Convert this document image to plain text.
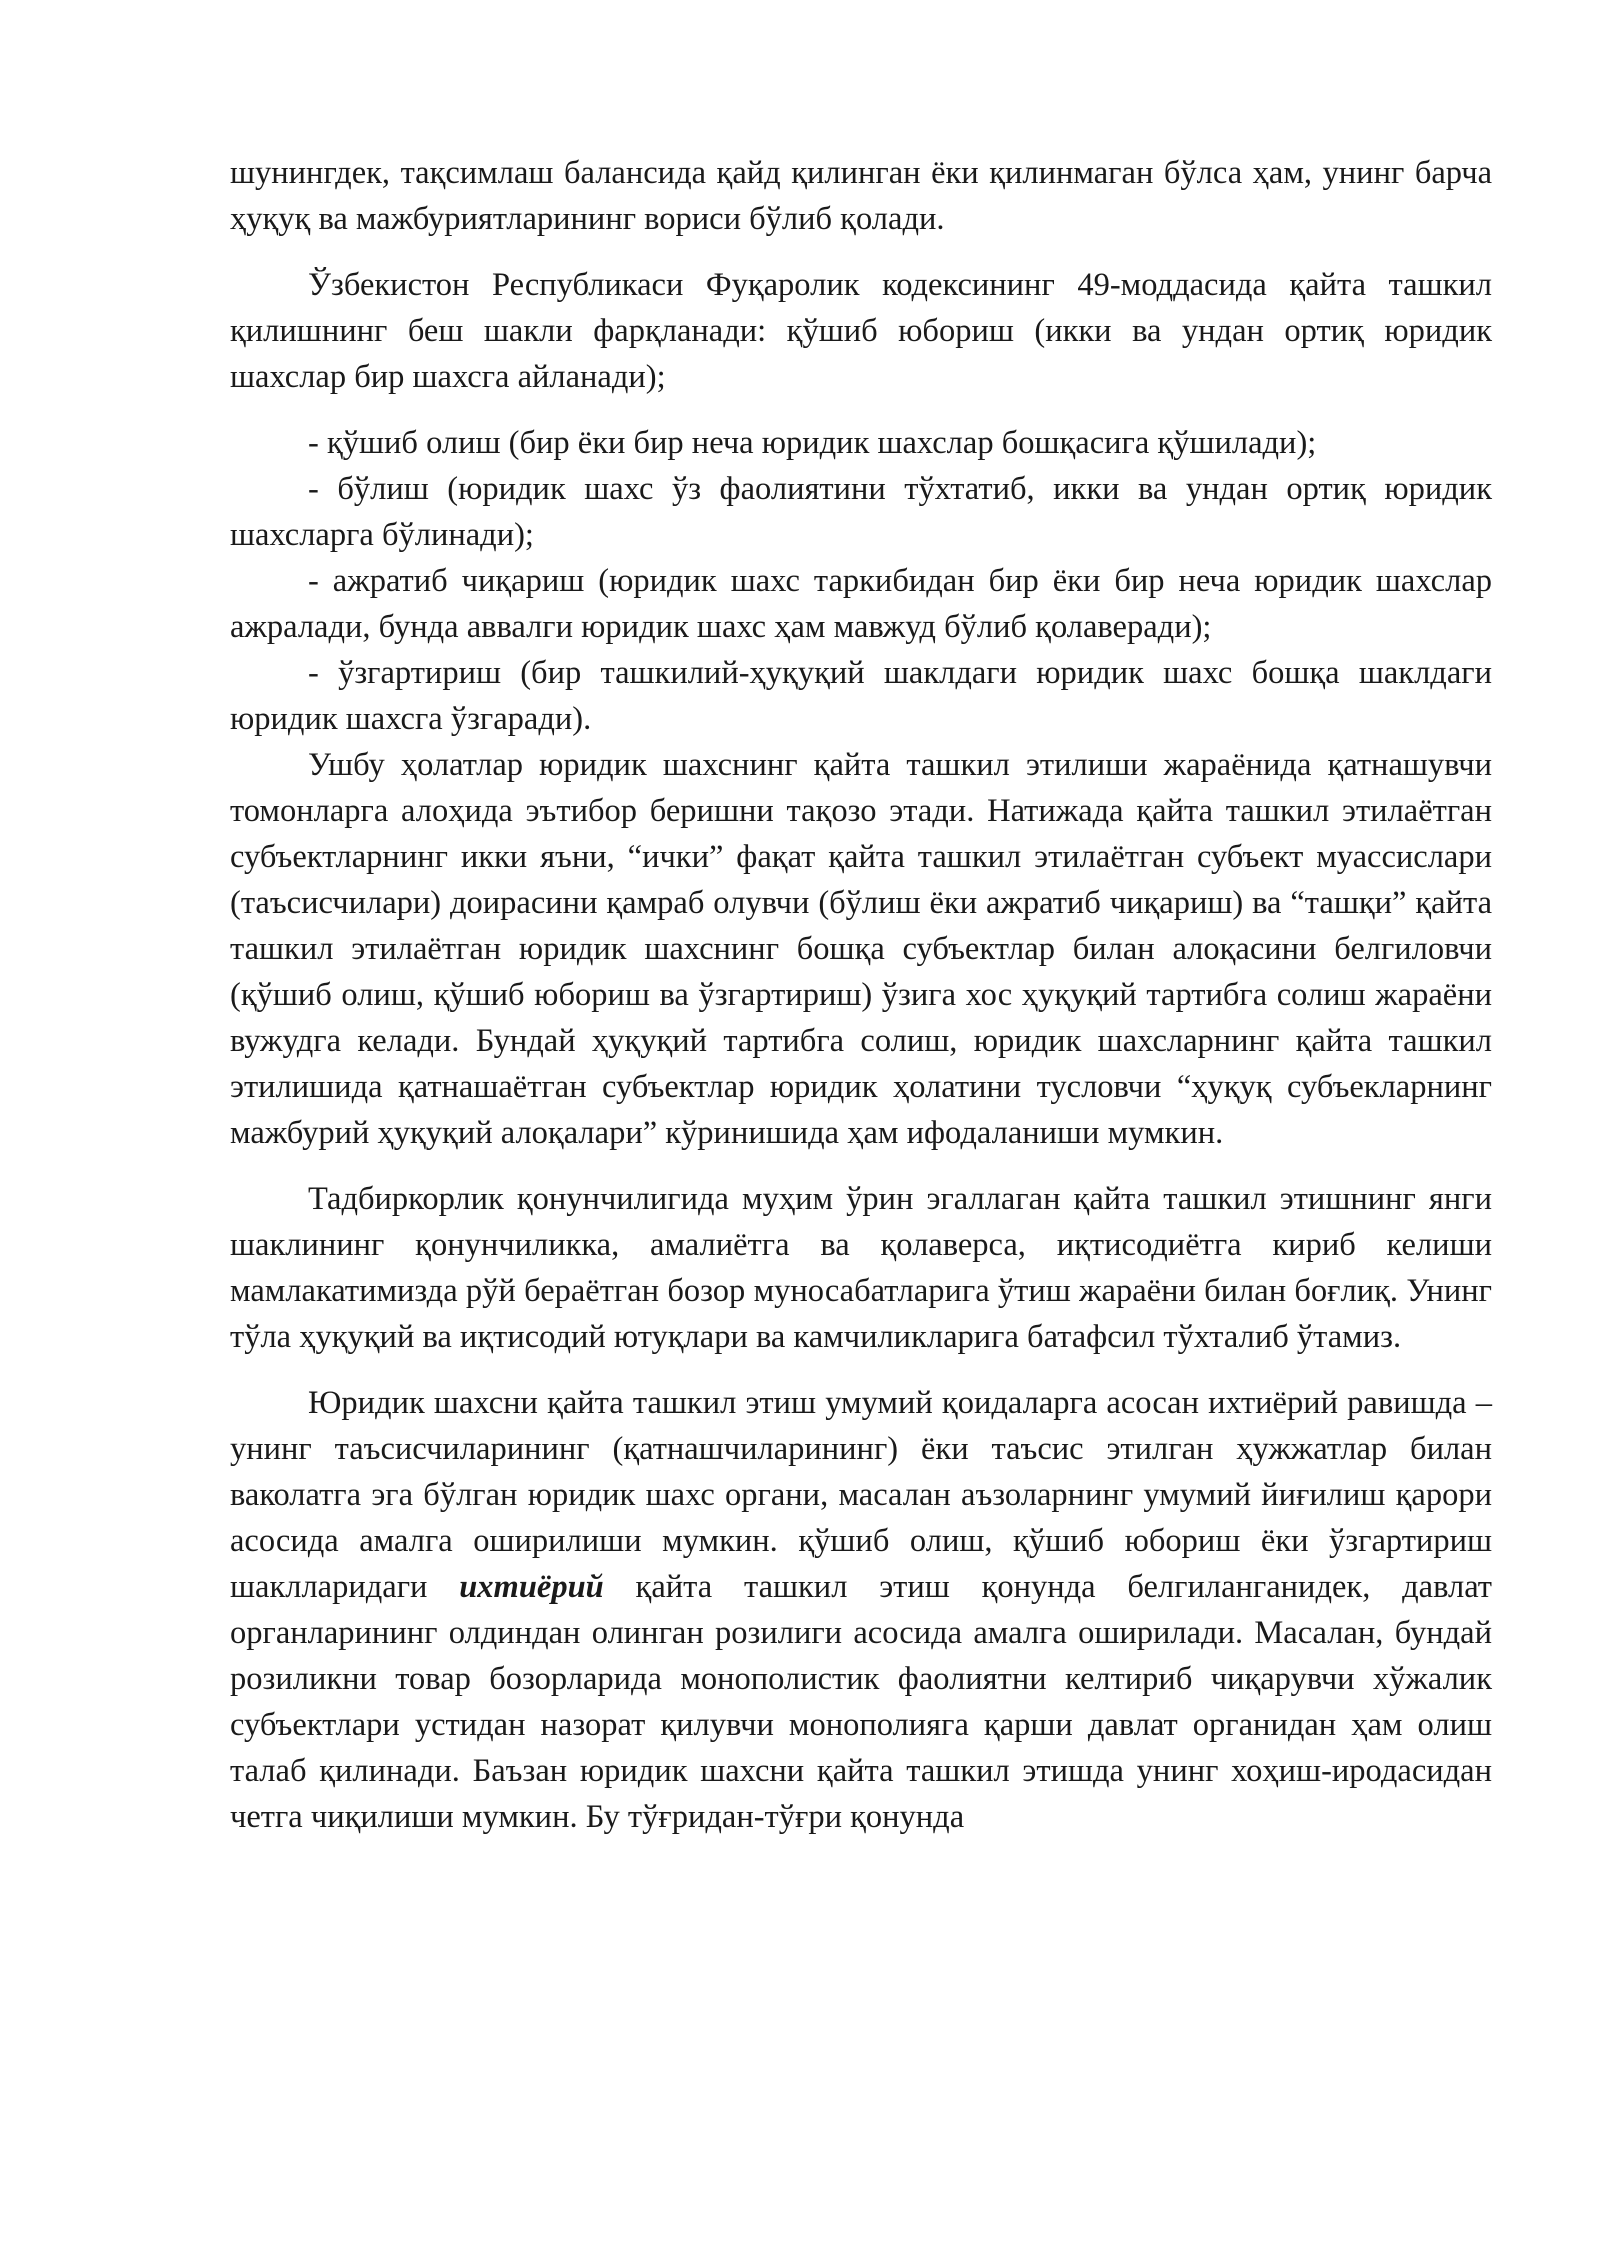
шунингдек, тақсимлаш балансида қайд қилинган ёки қилинмаган бўлса ҳам, унинг барча ҳуқуқ ва мажбуриятларининг вориси бўлиб қолади.

Ўзбекистон Республикаси Фуқаролик кодексининг 49-моддасида қайта ташкил қилишнинг беш шакли фарқланади: қўшиб юбориш (икки ва ундан ортиқ юридик шахслар бир шахсга айланади);

- қўшиб олиш (бир ёки бир неча юридик шахслар бошқасига қўшилади);

- бўлиш (юридик шахс ўз фаолиятини тўхтатиб, икки ва ундан ортиқ юридик шахсларга бўлинади);

- ажратиб чиқариш (юридик шахс таркибидан бир ёки бир неча юридик шахслар ажралади, бунда аввалги юридик шахс ҳам мавжуд бўлиб қолаверади);

- ўзгартириш (бир ташкилий-ҳуқуқий шаклдаги юридик шахс бошқа шаклдаги юридик шахсга ўзгаради).

Ушбу ҳолатлар юридик шахснинг қайта ташкил этилиши жараёнида қатнашувчи томонларга алоҳида эътибор беришни тақозо этади. Натижада қайта ташкил этилаётган субъектларнинг икки яъни, “ички” фақат қайта ташкил этилаётган субъект муассислари (таъсисчилари) доирасини қамраб олувчи (бўлиш ёки ажратиб чиқариш) ва “ташқи” қайта ташкил этилаётган юридик шахснинг бошқа субъектлар билан алоқасини белгиловчи (қўшиб олиш, қўшиб юбориш ва ўзгартириш) ўзига хос ҳуқуқий тартибга солиш жараёни вужудга келади. Бундай ҳуқуқий тартибга солиш, юридик шахсларнинг қайта ташкил этилишида қатнашаётган субъектлар юридик ҳолатини тусловчи “ҳуқуқ субъекларнинг мажбурий ҳуқуқий алоқалари” кўринишида ҳам ифодаланиши мумкин.

Тадбиркорлик қонунчилигида муҳим ўрин эгаллаган қайта ташкил этишнинг янги шаклининг қонунчиликка, амалиётга ва қолаверса, иқтисодиётга кириб келиши мамлакатимизда рўй бераётган бозор муносабатларига ўтиш жараёни билан боғлиқ. Унинг тўла ҳуқуқий ва иқтисодий ютуқлари ва камчиликларига батафсил тўхталиб ўтамиз.

Юридик шахсни қайта ташкил этиш умумий қоидаларга асосан ихтиёрий равишда – унинг таъсисчиларининг (қатнашчиларининг) ёки таъсис этилган ҳужжатлар билан ваколатга эга бўлган юридик шахс органи, масалан аъзоларнинг умумий йиғилиш қарори асосида амалга оширилиши мумкин. қўшиб олиш, қўшиб юбориш ёки ўзгартириш шаклларидаги ихтиёрий қайта ташкил этиш қонунда белгиланганидек, давлат органларининг олдиндан олинган розилиги асосида амалга оширилади. Масалан, бундай розиликни товар бозорларида монополистик фаолиятни келтириб чиқарувчи хўжалик субъектлари устидан назорат қилувчи монополияга қарши давлат органидан ҳам олиш талаб қилинади. Баъзан юридик шахсни қайта ташкил этишда унинг хоҳиш-иродасидан четга чиқилиши мумкин. Бу тўғридан-тўғри қонунда
